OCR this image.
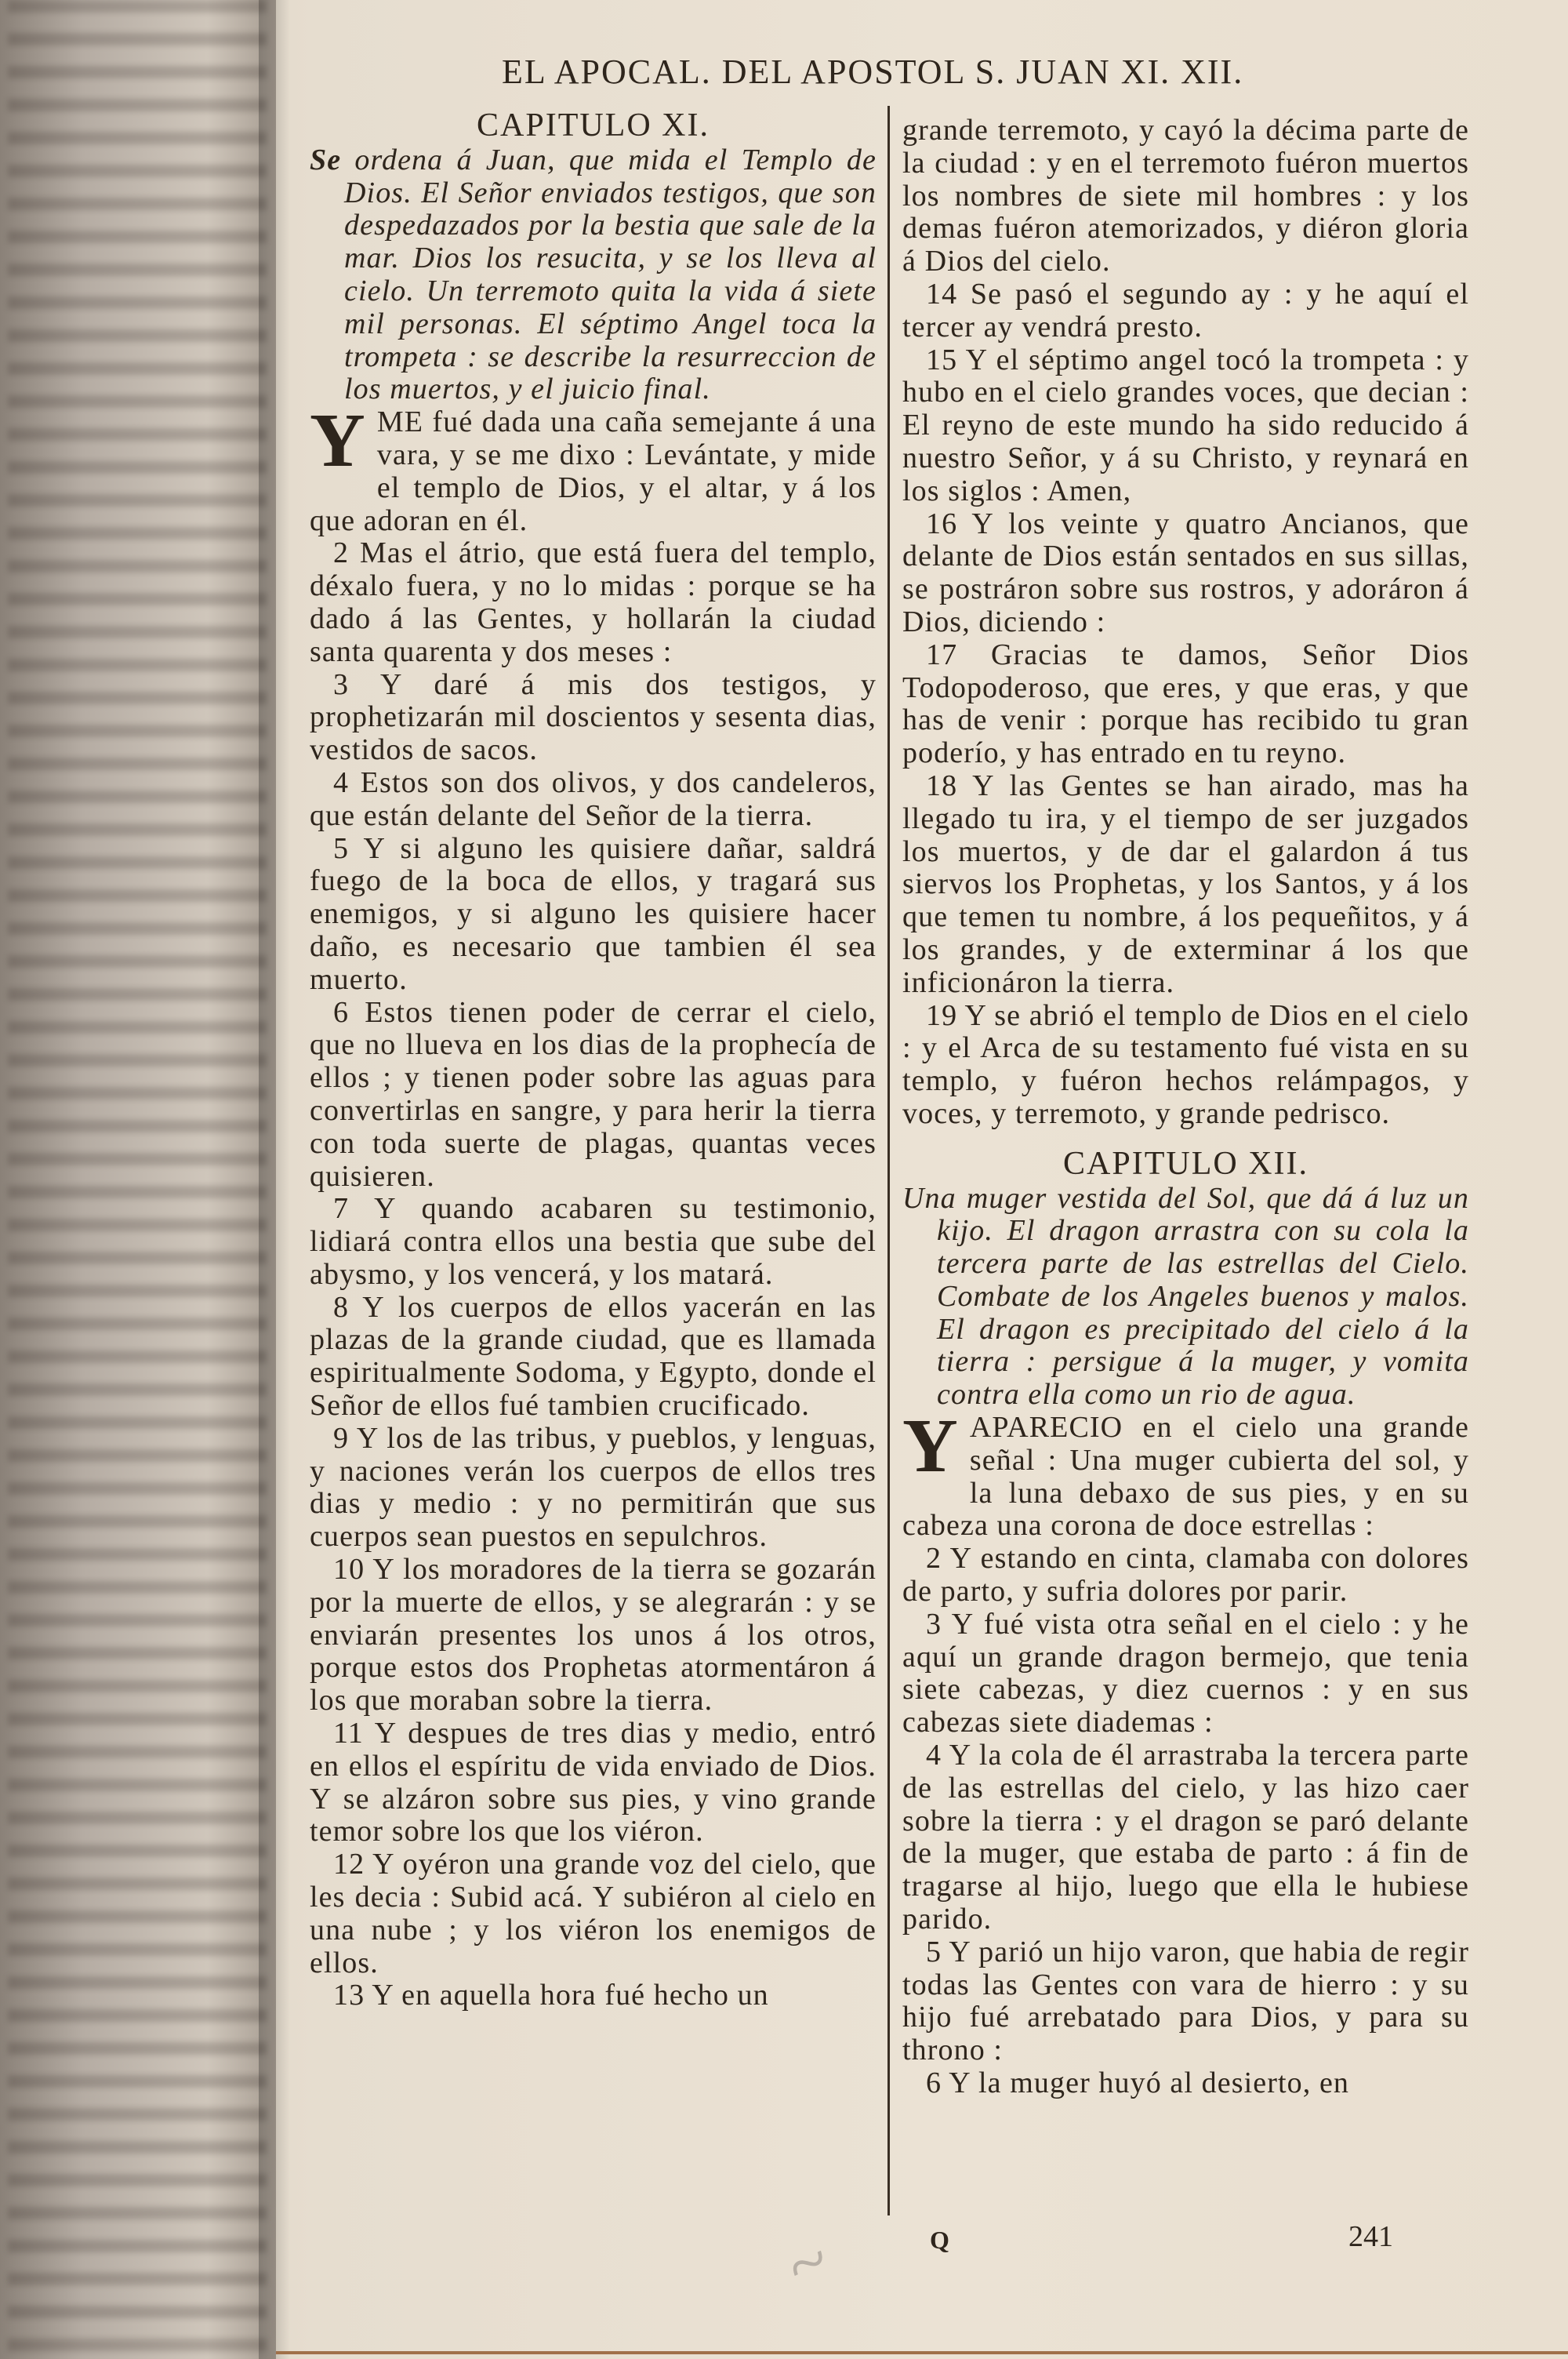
EL APOCAL. DEL APOSTOL S. JUAN XI. XII.
CAPITULO XI.

Se ordena á Juan, que mida el Templo de Dios. El Señor enviados testigos, que son despedazados por la bestia que sale de la mar. Dios los resucita, y se los lleva al cielo. Un terremoto quita la vida á siete mil personas. El séptimo Angel toca la trompeta : se describe la resurreccion de los muertos, y el juicio final.

YME fué dada una caña semejante á una vara, y se me dixo : Levántate, y mide el templo de Dios, y el altar, y á los que adoran en él.

2 Mas el átrio, que está fuera del templo, déxalo fuera, y no lo midas : porque se ha dado á las Gentes, y hollarán la ciudad santa quarenta y dos meses :

3 Y daré á mis dos testigos, y prophetizarán mil doscientos y sesenta dias, vestidos de sacos.

4 Estos son dos olivos, y dos candeleros, que están delante del Señor de la tierra.

5 Y si alguno les quisiere dañar, saldrá fuego de la boca de ellos, y tragará sus enemigos, y si alguno les quisiere hacer daño, es necesario que tambien él sea muerto.

6 Estos tienen poder de cerrar el cielo, que no llueva en los dias de la prophecía de ellos ; y tienen poder sobre las aguas para convertirlas en sangre, y para herir la tierra con toda suerte de plagas, quantas veces quisieren.

7 Y quando acabaren su testimonio, lidiará contra ellos una bestia que sube del abysmo, y los vencerá, y los matará.

8 Y los cuerpos de ellos yacerán en las plazas de la grande ciudad, que es llamada espiritualmente Sodoma, y Egypto, donde el Señor de ellos fué tambien crucificado.

9 Y los de las tribus, y pueblos, y lenguas, y naciones verán los cuerpos de ellos tres dias y medio : y no permitirán que sus cuerpos sean puestos en sepulchros.

10 Y los moradores de la tierra se gozarán por la muerte de ellos, y se alegrarán : y se enviarán presentes los unos á los otros, porque estos dos Prophetas atormentáron á los que moraban sobre la tierra.

11 Y despues de tres dias y medio, entró en ellos el espíritu de vida enviado de Dios. Y se alzáron sobre sus pies, y vino grande temor sobre los que los viéron.

12 Y oyéron una grande voz del cielo, que les decia : Subid acá. Y subiéron al cielo en una nube ; y los viéron los enemigos de ellos.

13 Y en aquella hora fué hecho un

grande terremoto, y cayó la décima parte de la ciudad : y en el terremoto fuéron muertos los nombres de siete mil hombres : y los demas fuéron atemorizados, y diéron gloria á Dios del cielo.

14 Se pasó el segundo ay : y he aquí el tercer ay vendrá presto.

15 Y el séptimo angel tocó la trompeta : y hubo en el cielo grandes voces, que decian : El reyno de este mundo ha sido reducido á nuestro Señor, y á su Christo, y reynará en los siglos : Amen,

16 Y los veinte y quatro Ancianos, que delante de Dios están sentados en sus sillas, se postráron sobre sus rostros, y adoráron á Dios, diciendo :

17 Gracias te damos, Señor Dios Todopoderoso, que eres, y que eras, y que has de venir : porque has recibido tu gran poderío, y has entrado en tu reyno.

18 Y las Gentes se han airado, mas ha llegado tu ira, y el tiempo de ser juzgados los muertos, y de dar el galardon á tus siervos los Prophetas, y los Santos, y á los que temen tu nombre, á los pequeñitos, y á los grandes, y de exterminar á los que inficionáron la tierra.

19 Y se abrió el templo de Dios en el cielo : y el Arca de su testamento fué vista en su templo, y fuéron hechos relámpagos, y voces, y terremoto, y grande pedrisco.

CAPITULO XII.

Una muger vestida del Sol, que dá á luz un kijo. El dragon arrastra con su cola la tercera parte de las estrellas del Cielo. Combate de los Angeles buenos y malos. El dragon es precipitado del cielo á la tierra : persigue á la muger, y vomita contra ella como un rio de agua.

YAPARECIO en el cielo una grande señal : Una muger cubierta del sol, y la luna debaxo de sus pies, y en su cabeza una corona de doce estrellas :

2 Y estando en cinta, clamaba con dolores de parto, y sufria dolores por parir.

3 Y fué vista otra señal en el cielo : y he aquí un grande dragon bermejo, que tenia siete cabezas, y diez cuernos : y en sus cabezas siete diademas :

4 Y la cola de él arrastraba la tercera parte de las estrellas del cielo, y las hizo caer sobre la tierra : y el dragon se paró delante de la muger, que estaba de parto : á fin de tragarse al hijo, luego que ella le hubiese parido.

5 Y parió un hijo varon, que habia de regir todas las Gentes con vara de hierro : y su hijo fué arrebatado para Dios, y para su throno :

6 Y la muger huyó al desierto, en

~	Q	241
